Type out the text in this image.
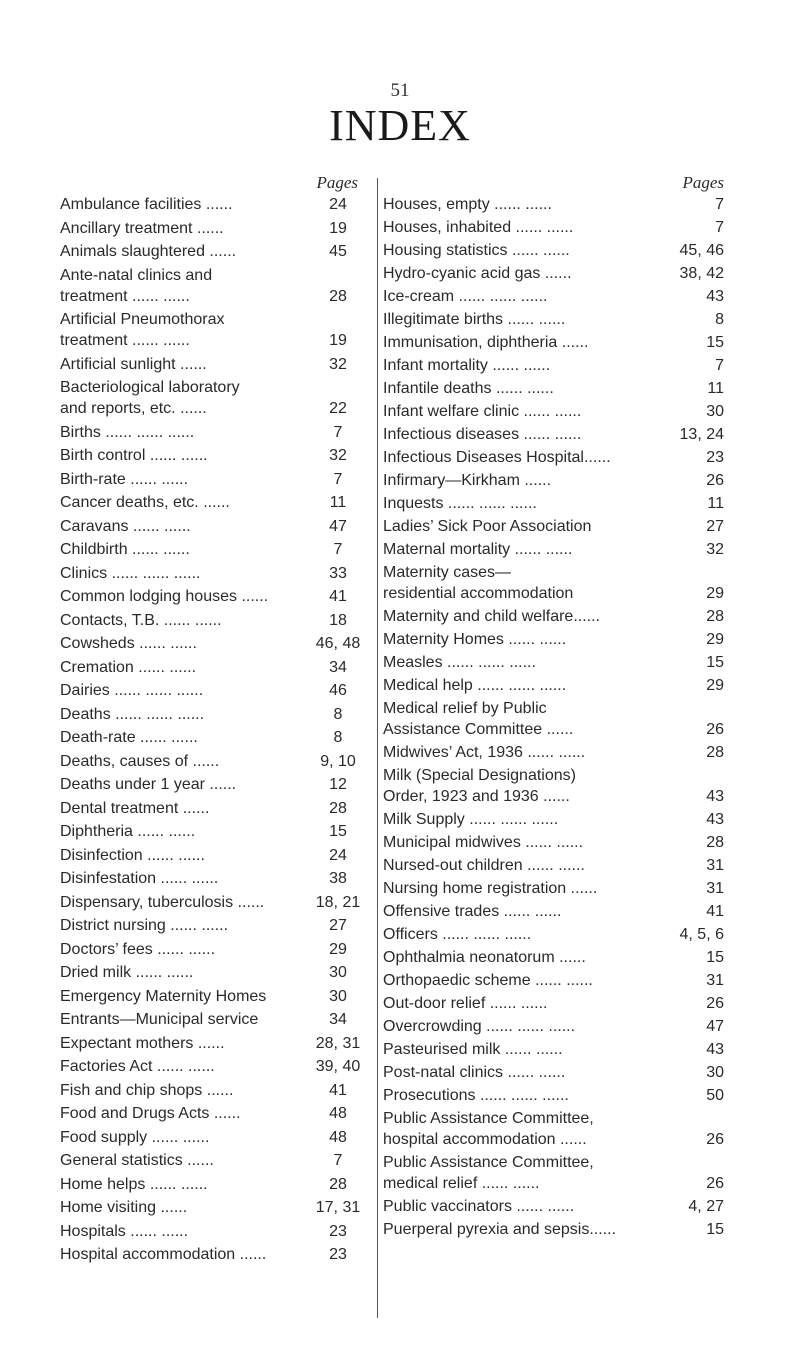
51
INDEX
Pages
Ambulance facilities ......	24
Ancillary treatment ......	19
Animals slaughtered ......	45
Ante-natal clinics and
treatment ...... ......	28
Artificial Pneumothorax
treatment ...... ......	19
Artificial sunlight ......	32
Bacteriological laboratory
and reports, etc. ......	22
Births ...... ...... ......	7
Birth control ...... ......	32
Birth-rate ...... ......	7
Cancer deaths, etc. ......	11
Caravans ...... ......	47
Childbirth ...... ......	7
Clinics ...... ...... ......	33
Common lodging houses ......	41
Contacts, T.B. ...... ......	18
Cowsheds ...... ......	46, 48
Cremation ...... ......	34
Dairies ...... ...... ......	46
Deaths ...... ...... ......	8
Death-rate ...... ......	8
Deaths, causes of ......	9, 10
Deaths under 1 year ......	12
Dental treatment ......	28
Diphtheria ...... ......	15
Disinfection ...... ......	24
Disinfestation ...... ......	38
Dispensary, tuberculosis ......	18, 21
District nursing ...... ......	27
Doctors’ fees ...... ......	29
Dried milk ...... ......	30
Emergency Maternity Homes	30
Entrants—Municipal service	34
Expectant mothers ......	28, 31
Factories Act ...... ......	39, 40
Fish and chip shops ......	41
Food and Drugs Acts ......	48
Food supply ...... ......	48
General statistics ......	7
Home helps ...... ......	28
Home visiting ......	17, 31
Hospitals ...... ......	23
Hospital accommodation ......	23
Pages
Houses, empty ...... ......	7
Houses, inhabited ...... ......	7
Housing statistics ...... ......	45, 46
Hydro-cyanic acid gas ......	38, 42
Ice-cream ...... ...... ......	43
Illegitimate births ...... ......	8
Immunisation, diphtheria ......	15
Infant mortality ...... ......	7
Infantile deaths ...... ......	11
Infant welfare clinic ...... ......	30
Infectious diseases ...... ......	13, 24
Infectious Diseases Hospital......	23
Infirmary—Kirkham ......	26
Inquests ...... ...... ......	11
Ladies’ Sick Poor Association	27
Maternal mortality ...... ......	32
Maternity cases—
residential accommodation	29
Maternity and child welfare......	28
Maternity Homes ...... ......	29
Measles ...... ...... ......	15
Medical help ...... ...... ......	29
Medical relief by Public
Assistance Committee ......	26
Midwives’ Act, 1936 ...... ......	28
Milk (Special Designations)
Order, 1923 and 1936 ......	43
Milk Supply ...... ...... ......	43
Municipal midwives ...... ......	28
Nursed-out children ...... ......	31
Nursing home registration ......	31
Offensive trades ...... ......	41
Officers ...... ...... ......	4, 5, 6
Ophthalmia neonatorum ......	15
Orthopaedic scheme ...... ......	31
Out-door relief ...... ......	26
Overcrowding ...... ...... ......	47
Pasteurised milk ...... ......	43
Post-natal clinics ...... ......	30
Prosecutions ...... ...... ......	50
Public Assistance Committee,
hospital accommodation ......	26
Public Assistance Committee,
medical relief ...... ......	26
Public vaccinators ...... ......	4, 27
Puerperal pyrexia and sepsis......	15
